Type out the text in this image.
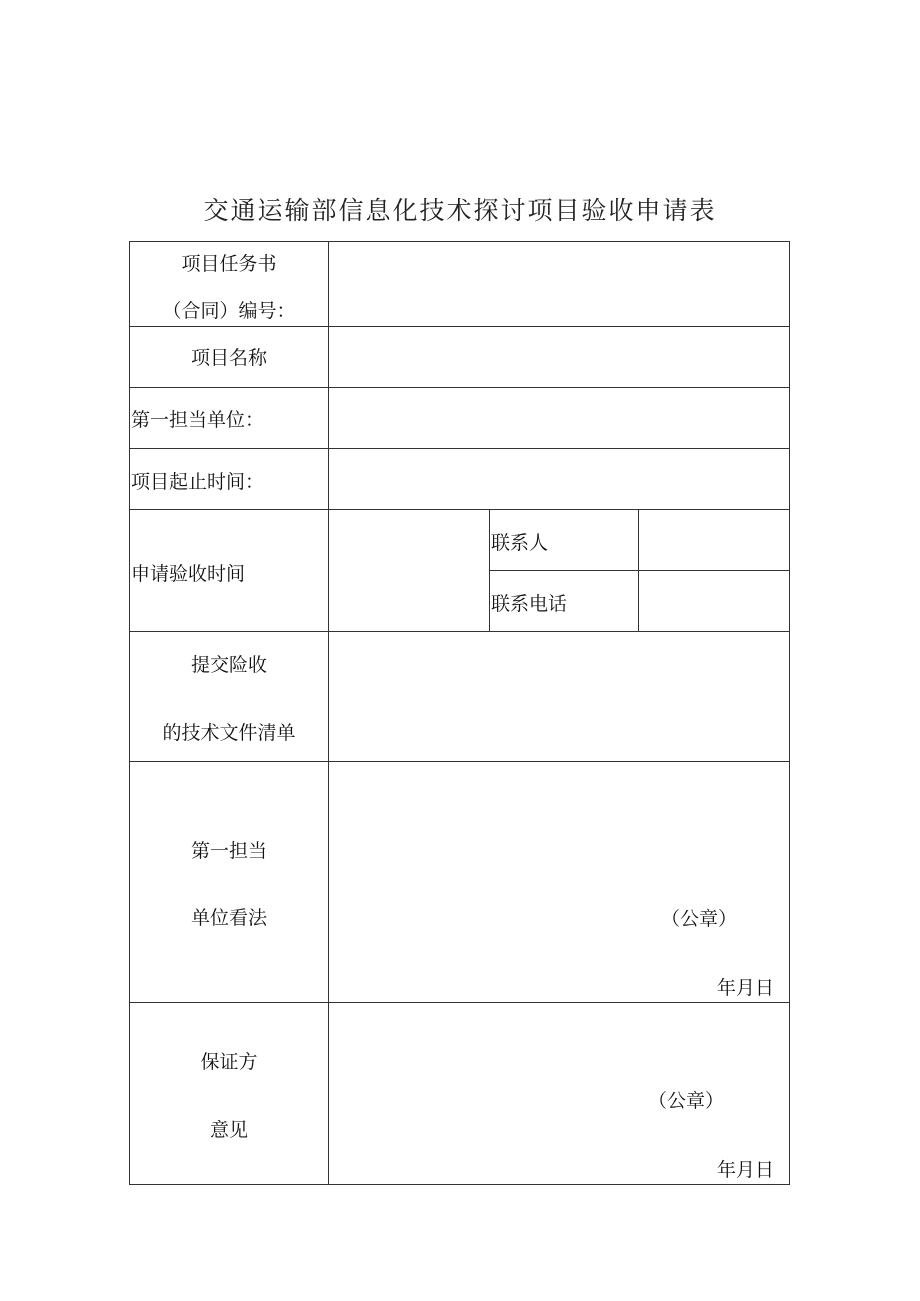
交通运输部信息化技术探讨项目验收申请表
项目任务书
（合同）编号：
项目名称
第一担当单位：
项目起止时间：
申请验收时间
联系人
联系电话
提交险收
的技术文件清单
第一担当
单位看法	（公章）
年月日
保证方
意见
（公章）
年月日
